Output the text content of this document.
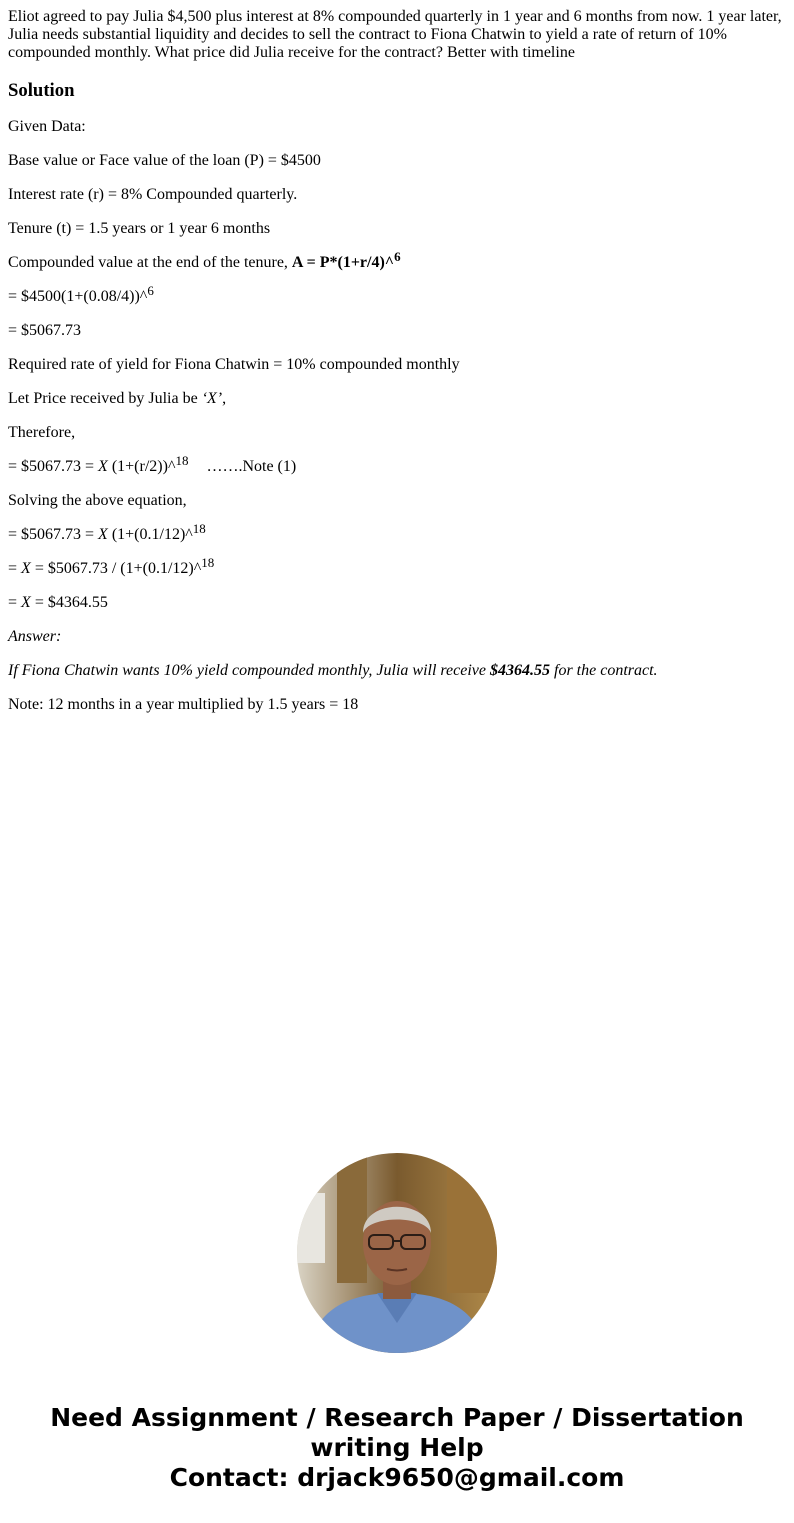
Eliot agreed to pay Julia $4,500 plus interest at 8% compounded quarterly in 1 year and 6 months from now. 1 year later, Julia needs substantial liquidity and decides to sell the contract to Fiona Chatwin to yield a rate of return of 10% compounded monthly. What price did Julia receive for the contract? Better with timeline

Solution

Given Data:

Base value or Face value of the loan (P) = $4500

Interest rate (r) = 8% Compounded quarterly.

Tenure (t) = 1.5 years or 1 year 6 months

Compounded value at the end of the tenure, A = P*(1+r/4)^$^6$

= $4500(1+(0.08/4))^$^6$

= $5067.73

Required rate of yield for Fiona Chatwin = 10% compounded monthly

Let Price received by Julia be ‘X’,

Therefore,

= $5067.73 = X (1+(r/2))^$^{18}$ …….Note (1)

Solving the above equation,

= $5067.73 = X (1+(0.1/12)^$^{18}$

= X = $5067.73 / (1+(0.1/12)^$^{18}$

= X = $4364.55

Answer:

If Fiona Chatwin wants 10% yield compounded monthly, Julia will receive $4364.55 for the contract.

Note: 12 months in a year multiplied by 1.5 years = 18

Need Assignment / Research Paper / Dissertation
writing Help
Contact: drjack9650@gmail.com
